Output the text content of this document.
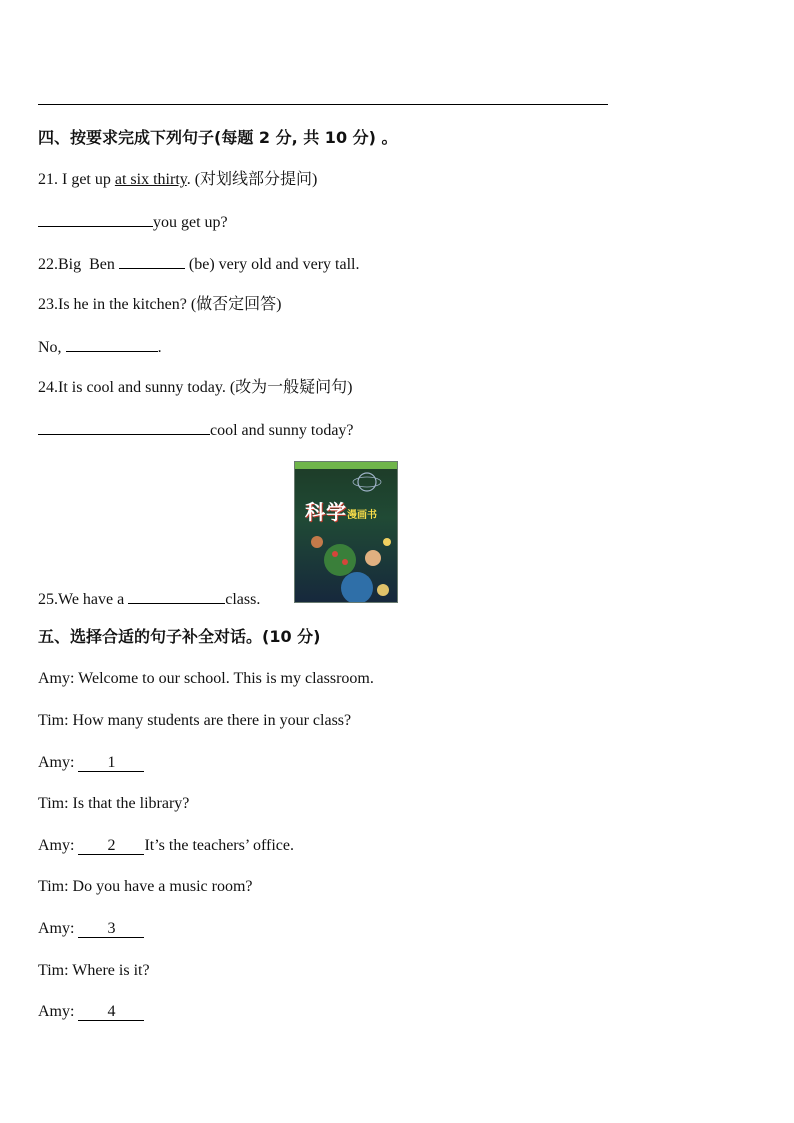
四、按要求完成下列句子(每题 2 分, 共 10 分) 。
21. I get up at six thirty. (对划线部分提问)
you get up?
22.Big  Ben	(be) very old and very tall.
23.Is he in the kitchen? (做否定回答)
No,	.
24.It is cool and sunny today. (改为一般疑问句)
cool and sunny today?
科学 漫画书
25.We have a	class.
五、选择合适的句子补全对话。(10 分)
Amy: Welcome to our school. This is my classroom.
Tim: How many students are there in your class?
Amy: 1
Tim: Is that the library?
Amy: 2 It’s the teachers’ office.
Tim: Do you have a music room?
Amy: 3
Tim: Where is it?
Amy: 4
